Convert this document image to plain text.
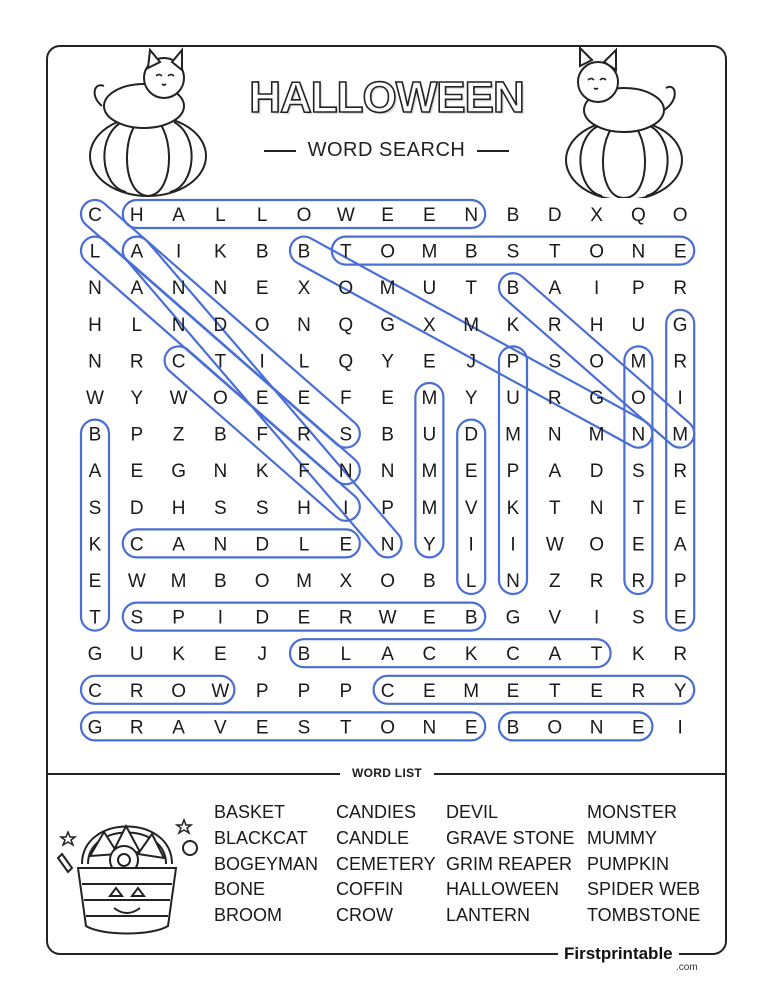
HALLOWEEN
WORD SEARCH
C H A L L O W E E N B D X Q O
L A I K B B T O M B S T O N E
N A N N E X O M U T B A I P R
H L N D O N Q G X M K R H U G
N R C T I L Q Y E J P S O M R
W Y W O E E F E M Y U R G O I
B P Z B F R S B U D M N M N M
A E G N K F N N M E P A D S R
S D H S S H I P M V K T N T E
K C A N D L E N Y I I W O E A
E W M B O M X O B L N Z R R P
T S P I D E R W E B G V I S E
G U K E J B L A C K C A T K R
C R O W P P P C E M E T E R Y
G R A V E S T O N E B O N E I
WORD LIST
BASKET
BLACKCAT
BOGEYMAN
BONE
BROOM
CANDIES
CANDLE
CEMETERY
COFFIN
CROW
DEVIL
GRAVE STONE
GRIM REAPER
HALLOWEEN
LANTERN
MONSTER
MUMMY
PUMPKIN
SPIDER WEB
TOMBSTONE
Firstprintable
.com
